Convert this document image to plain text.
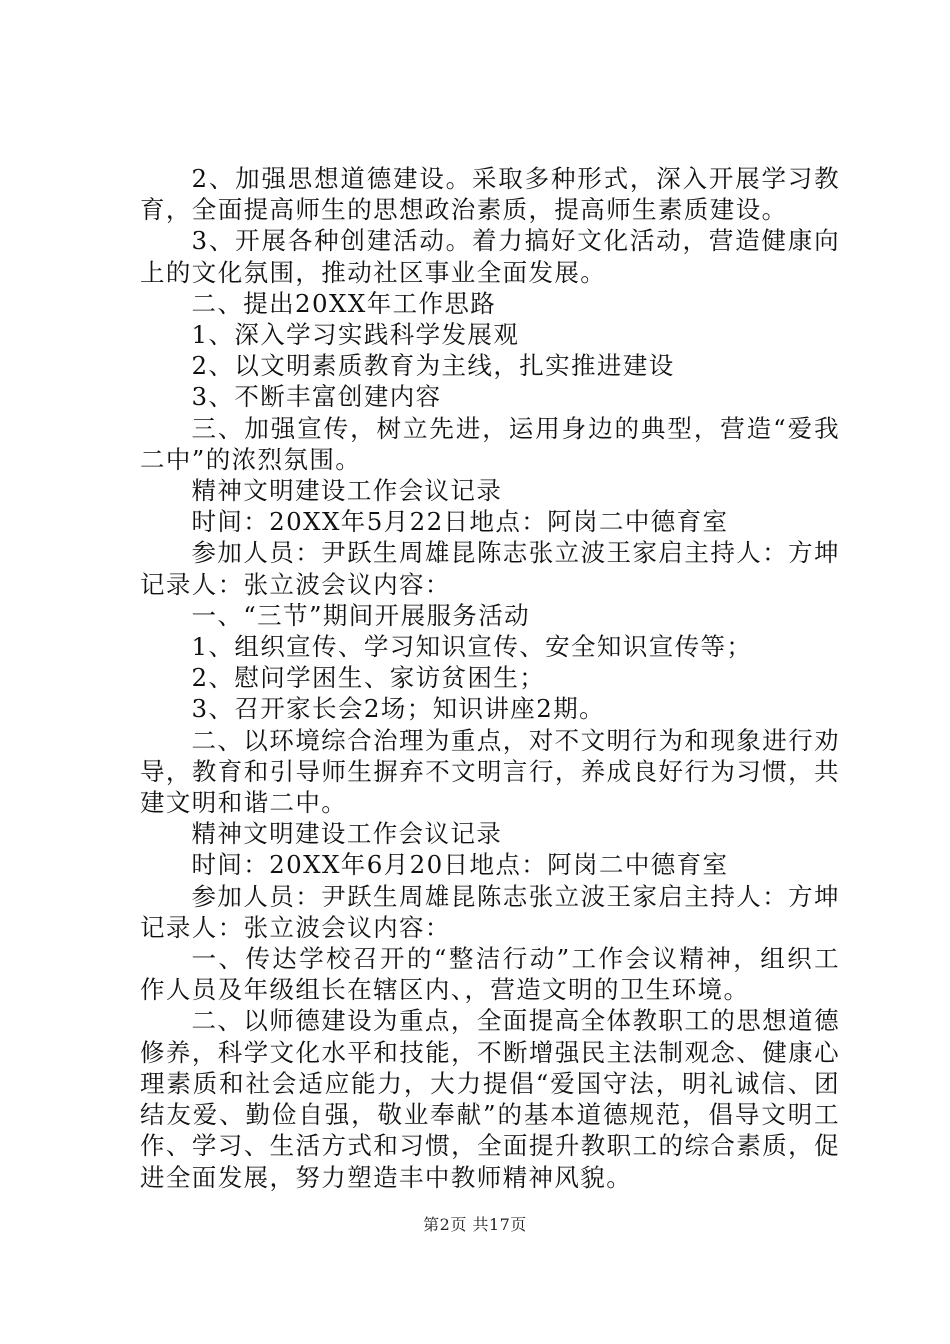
2、加强思想道德建设。采取多种形式，深入开展学习教育，全面提高师生的思想政治素质，提高师生素质建设。

3、开展各种创建活动。着力搞好文化活动，营造健康向上的文化氛围，推动社区事业全面发展。

二、提出20XX年工作思路

1、深入学习实践科学发展观

2、以文明素质教育为主线，扎实推进建设

3、不断丰富创建内容

三、加强宣传，树立先进，运用身边的典型，营造“爱我二中”的浓烈氛围。

精神文明建设工作会议记录

时间：20XX年5月22日地点：阿岗二中德育室

参加人员：尹跃生周雄昆陈志张立波王家启主持人：方坤记录人：张立波会议内容：

一、“三节”期间开展服务活动

1、组织宣传、学习知识宣传、安全知识宣传等；

2、慰问学困生、家访贫困生；

3、召开家长会2场；知识讲座2期。

二、以环境综合治理为重点，对不文明行为和现象进行劝导，教育和引导师生摒弃不文明言行，养成良好行为习惯，共建文明和谐二中。

精神文明建设工作会议记录

时间：20XX年6月20日地点：阿岗二中德育室

参加人员：尹跃生周雄昆陈志张立波王家启主持人：方坤记录人：张立波会议内容：

一、传达学校召开的“整洁行动”工作会议精神，组织工作人员及年级组长在辖区内、，营造文明的卫生环境。

二、以师德建设为重点，全面提高全体教职工的思想道德修养，科学文化水平和技能，不断增强民主法制观念、健康心理素质和社会适应能力，大力提倡“爱国守法，明礼诚信、团结友爱、勤俭自强，敬业奉献”的基本道德规范，倡导文明工作、学习、生活方式和习惯，全面提升教职工的综合素质，促进全面发展，努力塑造丰中教师精神风貌。

第2页 共17页
